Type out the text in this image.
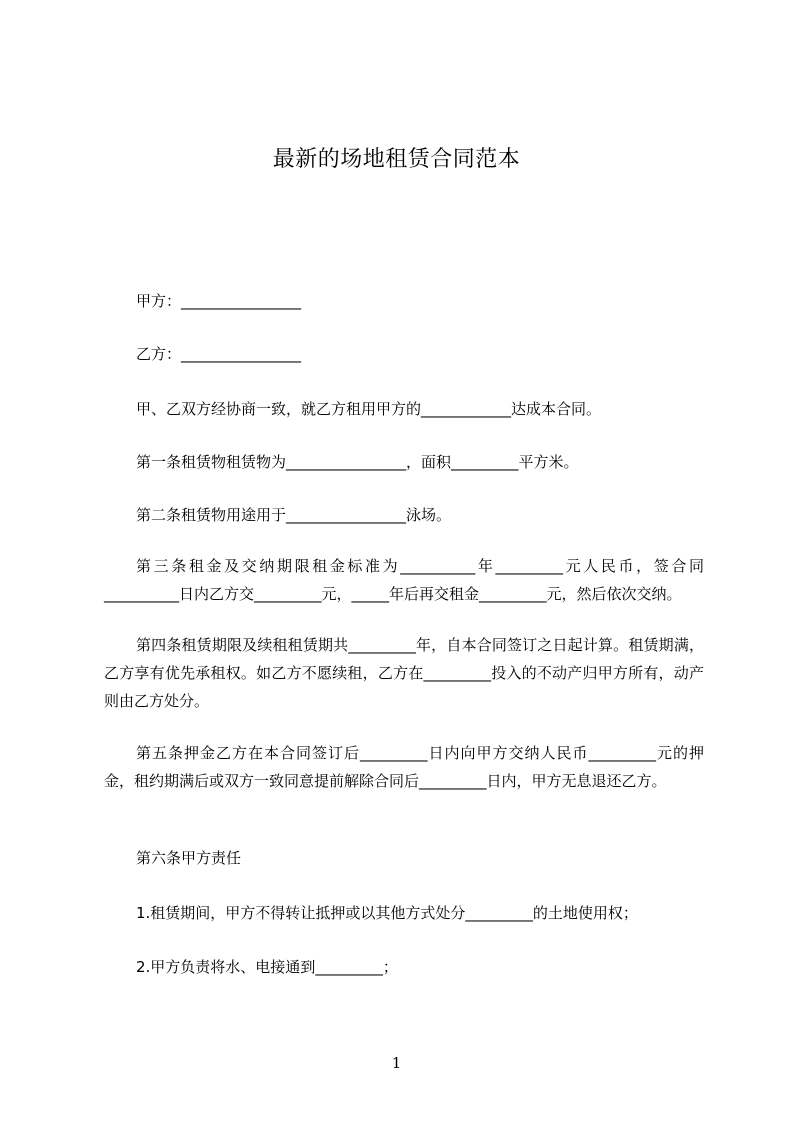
最新的场地租赁合同范本

甲方：________________

乙方：________________

甲、乙双方经协商一致，就乙方租用甲方的____________达成本合同。

第一条租赁物租赁物为________________，面积_________平方米。

第二条租赁物用途用于________________泳场。

第三条租金及交纳期限租金标准为__________年_________元人民币，签合同__________日内乙方交_________元，_____年后再交租金_________元，然后依次交纳。

第四条租赁期限及续租租赁期共_________年，自本合同签订之日起计算。租赁期满，乙方享有优先承租权。如乙方不愿续租，乙方在_________投入的不动产归甲方所有，动产则由乙方处分。

第五条押金乙方在本合同签订后_________日内向甲方交纳人民币_________元的押金，租约期满后或双方一致同意提前解除合同后_________日内，甲方无息退还乙方。

第六条甲方责任

1.租赁期间，甲方不得转让抵押或以其他方式处分_________的土地使用权；

2.甲方负责将水、电接通到_________；

1
